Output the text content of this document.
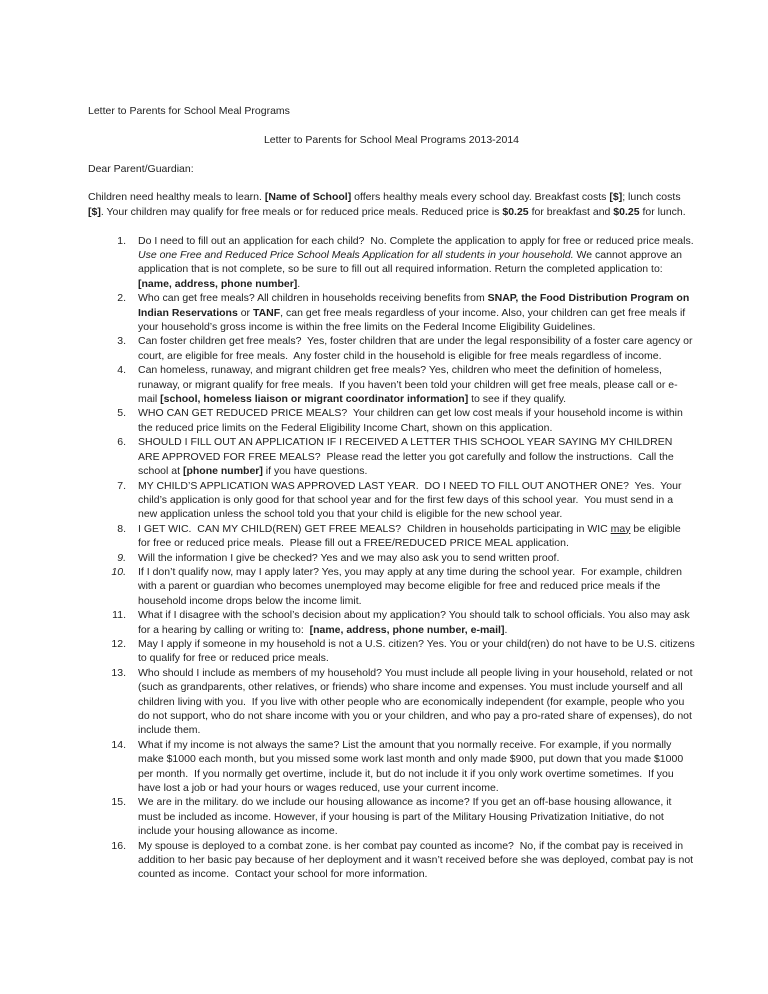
Letter to Parents for School Meal Programs
Letter to Parents for School Meal Programs 2013-2014
Dear Parent/Guardian:
Children need healthy meals to learn. [Name of School] offers healthy meals every school day. Breakfast costs [$]; lunch costs [$]. Your children may qualify for free meals or for reduced price meals. Reduced price is $0.25 for breakfast and $0.25 for lunch.
1.	Do I need to fill out an application for each child?  No. Complete the application to apply for free or reduced price meals. Use one Free and Reduced Price School Meals Application for all students in your household. We cannot approve an application that is not complete, so be sure to fill out all required information. Return the completed application to: [name, address, phone number].
2.	Who can get free meals? All children in households receiving benefits from SNAP, the Food Distribution Program on Indian Reservations or TANF, can get free meals regardless of your income. Also, your children can get free meals if your household’s gross income is within the free limits on the Federal Income Eligibility Guidelines.
3.	Can foster children get free meals?  Yes, foster children that are under the legal responsibility of a foster care agency or court, are eligible for free meals.  Any foster child in the household is eligible for free meals regardless of income.
4.	Can homeless, runaway, and migrant children get free meals? Yes, children who meet the definition of homeless, runaway, or migrant qualify for free meals.  If you haven’t been told your children will get free meals, please call or e-mail [school, homeless liaison or migrant coordinator information] to see if they qualify.
5.	WHO CAN GET REDUCED PRICE MEALS?  Your children can get low cost meals if your household income is within the reduced price limits on the Federal Eligibility Income Chart, shown on this application.
6.	SHOULD I FILL OUT AN APPLICATION IF I RECEIVED A LETTER THIS SCHOOL YEAR SAYING MY CHILDREN ARE APPROVED FOR FREE MEALS?  Please read the letter you got carefully and follow the instructions.  Call the school at [phone number] if you have questions.
7.	MY CHILD’S APPLICATION WAS APPROVED LAST YEAR.  DO I NEED TO FILL OUT ANOTHER ONE?  Yes.  Your child’s application is only good for that school year and for the first few days of this school year.  You must send in a new application unless the school told you that your child is eligible for the new school year.
8.	I GET WIC.  CAN MY CHILD(REN) GET FREE MEALS?  Children in households participating in WIC may be eligible for free or reduced price meals.  Please fill out a FREE/REDUCED PRICE MEAL application.
9.	Will the information I give be checked? Yes and we may also ask you to send written proof.
10.	If I don’t qualify now, may I apply later? Yes, you may apply at any time during the school year.  For example, children with a parent or guardian who becomes unemployed may become eligible for free and reduced price meals if the household income drops below the income limit.
11.	What if I disagree with the school’s decision about my application? You should talk to school officials. You also may ask for a hearing by calling or writing to:  [name, address, phone number, e-mail].
12.	May I apply if someone in my household is not a U.S. citizen? Yes. You or your child(ren) do not have to be U.S. citizens to qualify for free or reduced price meals.
13.	Who should I include as members of my household? You must include all people living in your household, related or not (such as grandparents, other relatives, or friends) who share income and expenses. You must include yourself and all children living with you.  If you live with other people who are economically independent (for example, people who you do not support, who do not share income with you or your children, and who pay a pro-rated share of expenses), do not include them.
14.	What if my income is not always the same? List the amount that you normally receive. For example, if you normally make $1000 each month, but you missed some work last month and only made $900, put down that you made $1000 per month.  If you normally get overtime, include it, but do not include it if you only work overtime sometimes.  If you have lost a job or had your hours or wages reduced, use your current income.
15.	We are in the military. do we include our housing allowance as income? If you get an off-base housing allowance, it must be included as income. However, if your housing is part of the Military Housing Privatization Initiative, do not include your housing allowance as income.
16.	My spouse is deployed to a combat zone. is her combat pay counted as income?  No, if the combat pay is received in addition to her basic pay because of her deployment and it wasn’t received before she was deployed, combat pay is not counted as income.  Contact your school for more information.
